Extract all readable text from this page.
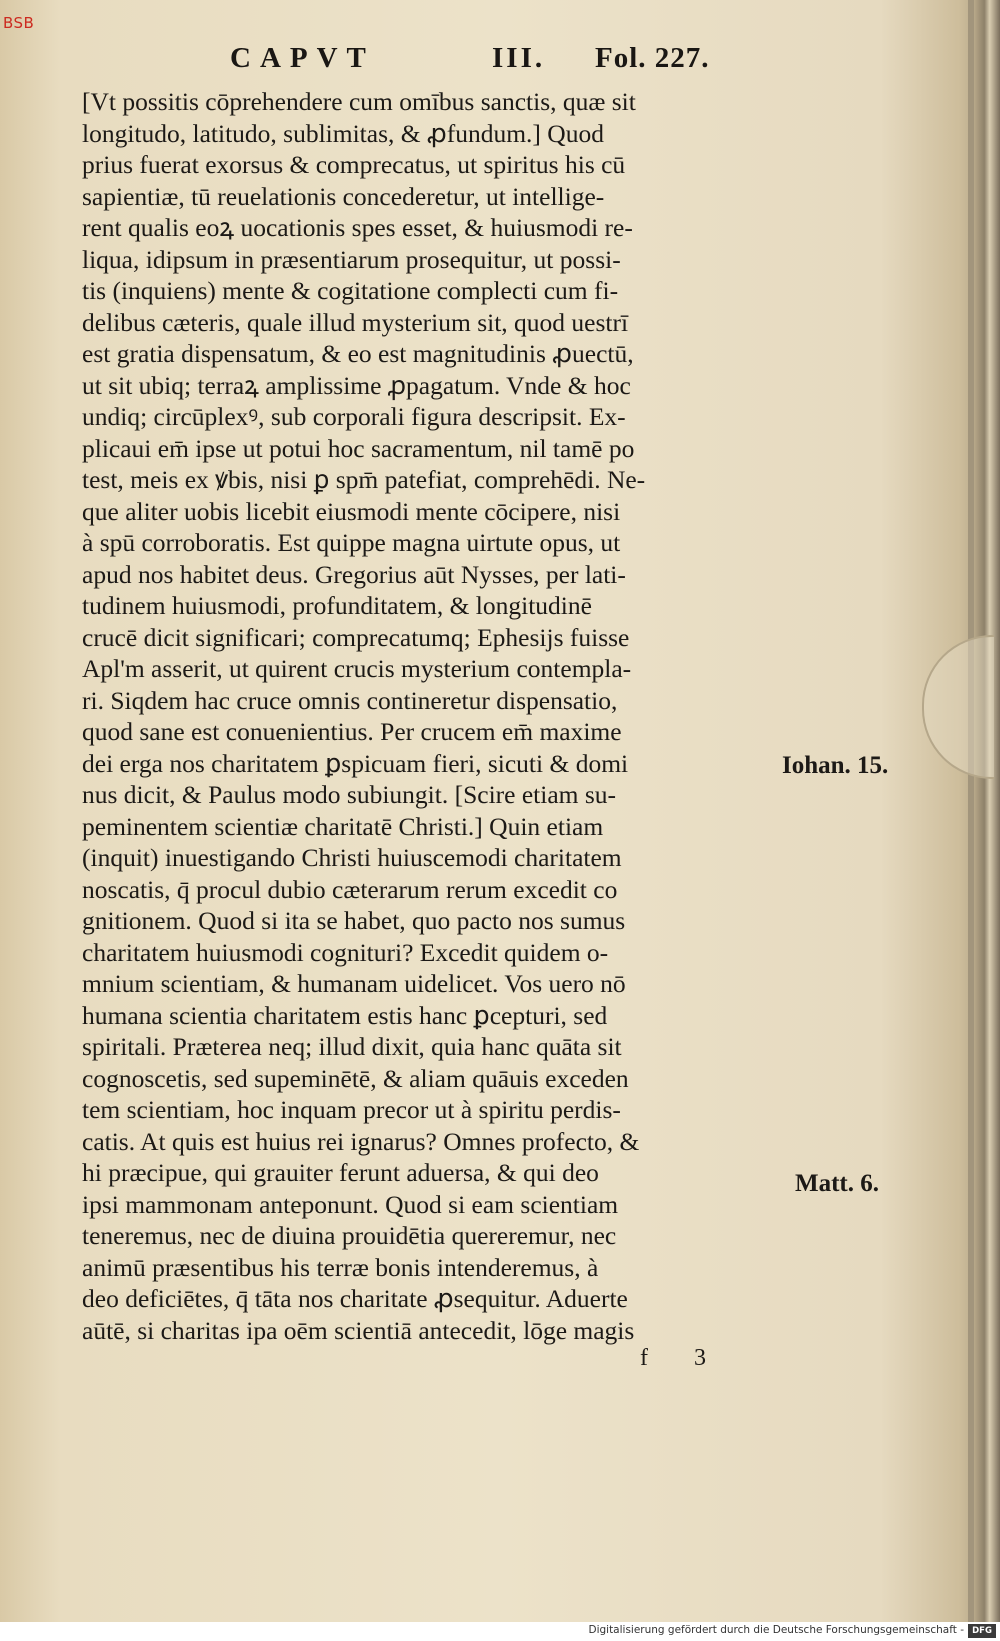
BSB
CAPVT	III. Fol. 227.
[Vt possitis cōprehendere cum omībus sanctis, quæ sit
longitudo, latitudo, sublimitas, & ꝓfundum.] Quod
prius fuerat exorsus & comprecatus, ut spiritus his cū
sapientiæ, tū reuelationis concederetur, ut intellige-
rent qualis eoꝝ uocationis spes esset, & huiusmodi re-
liqua, idipsum in præsentiarum prosequitur, ut possi-
tis (inquiens) mente & cogitatione complecti cum fi-
delibus cæteris, quale illud mysterium sit, quod uestrī
est gratia dispensatum, & eo est magnitudinis ꝓuectū,
ut sit ubiq; terraꝝ amplissime ꝓpagatum. Vnde & hoc
undiq; circūplexꝰ, sub corporali figura descripsit. Ex-
plicaui em̄ ipse ut potui hoc sacramentum, nil tamē po
test, meis ex ꝟbis, nisi ꝑ spm̄ patefiat, comprehēdi. Ne-
que aliter uobis licebit eiusmodi mente cōcipere, nisi
à spū corroboratis. Est quippe magna uirtute opus, ut
apud nos habitet deus. Gregorius aūt Nysses, per lati-
tudinem huiusmodi, profunditatem, & longitudinē
crucē dicit significari; comprecatumq; Ephesijs fuisse
Apl'm asserit, ut quirent crucis mysterium contempla-
ri. Siqdem hac cruce omnis contineretur dispensatio,
quod sane est conuenientius. Per crucem em̄ maxime
dei erga nos charitatem ꝑspicuam fieri, sicuti & domi
nus dicit, & Paulus modo subiungit. [Scire etiam su-
peminentem scientiæ charitatē Christi.] Quin etiam
(inquit) inuestigando Christi huiuscemodi charitatem
noscatis, q̄ procul dubio cæterarum rerum excedit co
gnitionem. Quod si ita se habet, quo pacto nos sumus
charitatem huiusmodi cognituri? Excedit quidem o-
mnium scientiam, & humanam uidelicet. Vos uero nō
humana scientia charitatem estis hanc ꝑcepturi, sed
spiritali. Præterea neq; illud dixit, quia hanc quāta sit
cognoscetis, sed supeminētē, & aliam quāuis exceden
tem scientiam, hoc inquam precor ut à spiritu perdis-
catis. At quis est huius rei ignarus? Omnes profecto, &
hi præcipue, qui grauiter ferunt aduersa, & qui deo
ipsi mammonam anteponunt. Quod si eam scientiam
teneremus, nec de diuina prouidētia quereremur, nec
animū præsentibus his terræ bonis intenderemus, à
deo deficiētes, q̄ tāta nos charitate ꝓsequitur. Aduerte
aūtē, si charitas ipa oēm scientiā antecedit, lōge magis
Iohan. 15.
Matt. 6.
f 3
Digitalisierung gefördert durch die Deutsche Forschungsgemeinschaft - DFG
